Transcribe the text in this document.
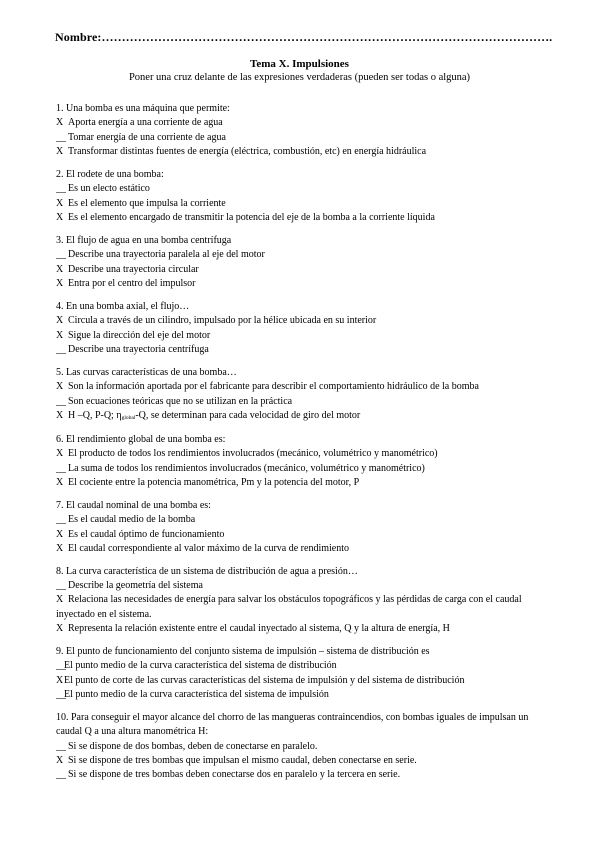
Nombre:………………………………………………………………………………………………….
Tema X. Impulsiones
Poner una cruz delante de las expresiones verdaderas (pueden ser todas o alguna)
1. Una bomba es una máquina que permite:
X Aporta energía a una corriente de agua
__ Tomar energía de una corriente de agua
X Transformar distintas fuentes de energía (eléctrica, combustión, etc) en energía hidráulica
2. El rodete de una bomba:
__ Es un electo estático
X Es el elemento que impulsa la corriente
X Es el elemento encargado de transmitir la potencia del eje de la bomba a la corriente líquida
3. El flujo de agua en una bomba centrífuga
__ Describe una trayectoria paralela al eje del motor
X Describe una trayectoria circular
X Entra por el centro del impulsor
4. En una bomba axial, el flujo…
X Circula a través de un cilindro, impulsado por la hélice ubicada en su interior
X Sigue la dirección del eje del motor
__ Describe una trayectoria centrífuga
5. Las curvas características de una bomba…
X Son la información aportada por el fabricante para describir el comportamiento hidráulico de la bomba
__ Son ecuaciones teóricas que no se utilizan en la práctica
X H –Q, P-Q; $\eta_{global}-Q$, se determinan para cada velocidad de giro del motor
6. El rendimiento global de una bomba es:
X El producto de todos los rendimientos involucrados (mecánico, volumétrico y manométrico)
__ La suma de todos los rendimientos involucrados (mecánico, volumétrico y manométrico)
X El cociente entre la potencia manométrica, Pm y la potencia del motor, P
7. El caudal nominal de una bomba es:
__ Es el caudal medio de la bomba
X Es el caudal óptimo de funcionamiento
X El caudal correspondiente al valor máximo de la curva de rendimiento
8. La curva característica de un sistema de distribución de agua a presión…
__ Describe la geometría del sistema
X Relaciona las necesidades de energía para salvar los obstáculos topográficos y las pérdidas de carga con el caudal inyectado en el sistema.
X Representa la relación existente entre el caudal inyectado al sistema, Q y la altura de energía, H
9. El punto de funcionamiento del conjunto sistema de impulsión – sistema de distribución es
__
El punto medio de la curva característica del sistema de distribución
X El punto de corte de las curvas características del sistema de impulsión y del sistema de distribución
__
El punto medio de la curva característica del sistema de impulsión
10. Para conseguir el mayor alcance del chorro de las mangueras contraincendios, con bombas iguales de impulsan un caudal Q a una altura manométrica H:
__ Si se dispone de dos bombas, deben de conectarse en paralelo.
X Si se dispone de tres bombas que impulsan el mismo caudal, deben conectarse en serie.
__ Si se dispone de tres bombas deben conectarse dos en paralelo y la tercera en serie.
